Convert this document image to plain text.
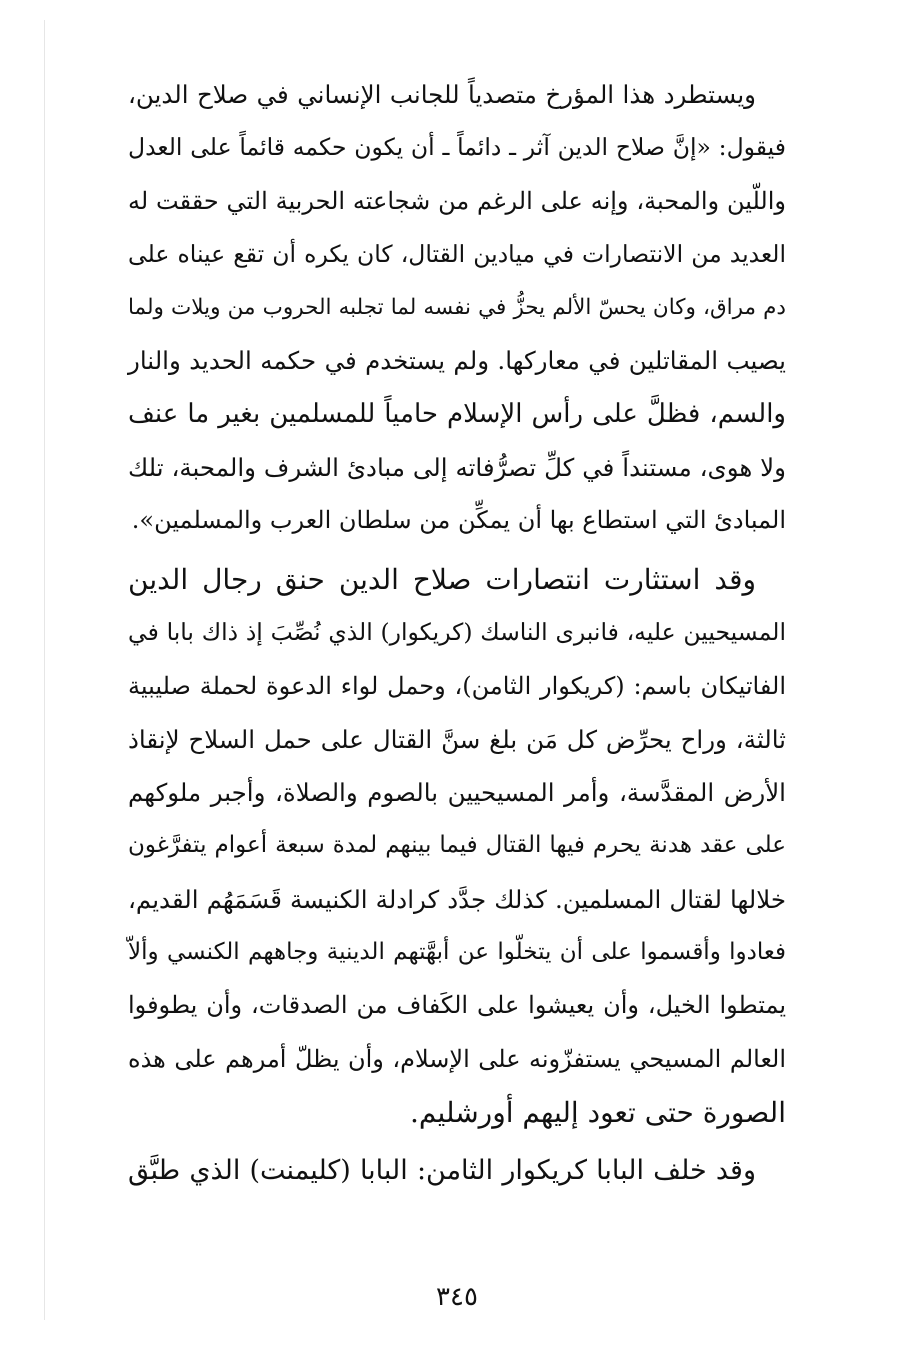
ويستطرد هذا المؤرخ متصدياً للجانب الإنساني في صلاح الدين،
فيقول: «إنَّ صلاح الدين آثر ـ دائماً ـ أن يكون حكمه قائماً على العدل
واللّين والمحبة، وإنه على الرغم من شجاعته الحربية التي حققت له
العديد من الانتصارات في ميادين القتال، كان يكره أن تقع عيناه على
دم مراق، وكان يحسّ الألم يحزُّ في نفسه لما تجلبه الحروب من ويلات ولما
يصيب المقاتلين في معاركها. ولم يستخدم في حكمه الحديد والنار
والسم، فظلَّ على رأس الإسلام حامياً للمسلمين بغير ما عنف
ولا هوى، مستنداً في كلِّ تصرُّفاته إلى مبادئ الشرف والمحبة، تلك
المبادئ التي استطاع بها أن يمكِّن من سلطان العرب والمسلمين».
وقد استثارت انتصارات صلاح الدين حنق رجال الدين
المسيحيين عليه، فانبرى الناسك (كريكوار) الذي نُصِّبَ إذ ذاك بابا في
الفاتيكان باسم: (كريكوار الثامن)، وحمل لواء الدعوة لحملة صليبية
ثالثة، وراح يحرِّض كل مَن بلغ سنَّ القتال على حمل السلاح لإنقاذ
الأرض المقدَّسة، وأمر المسيحيين بالصوم والصلاة، وأجبر ملوكهم
على عقد هدنة يحرم فيها القتال فيما بينهم لمدة سبعة أعوام يتفرَّغون
خلالها لقتال المسلمين. كذلك جدَّد كرادلة الكنيسة قَسَمَهُم القديم،
فعادوا وأقسموا على أن يتخلّوا عن أبهَّتهم الدينية وجاههم الكنسي وألاّ
يمتطوا الخيل، وأن يعيشوا على الكَفاف من الصدقات، وأن يطوفوا
العالم المسيحي يستفزّونه على الإسلام، وأن يظلّ أمرهم على هذه
الصورة حتى تعود إليهم أورشليم.
وقد خلف البابا كريكوار الثامن: البابا (كليمنت) الذي طبَّق
٣٤٥
